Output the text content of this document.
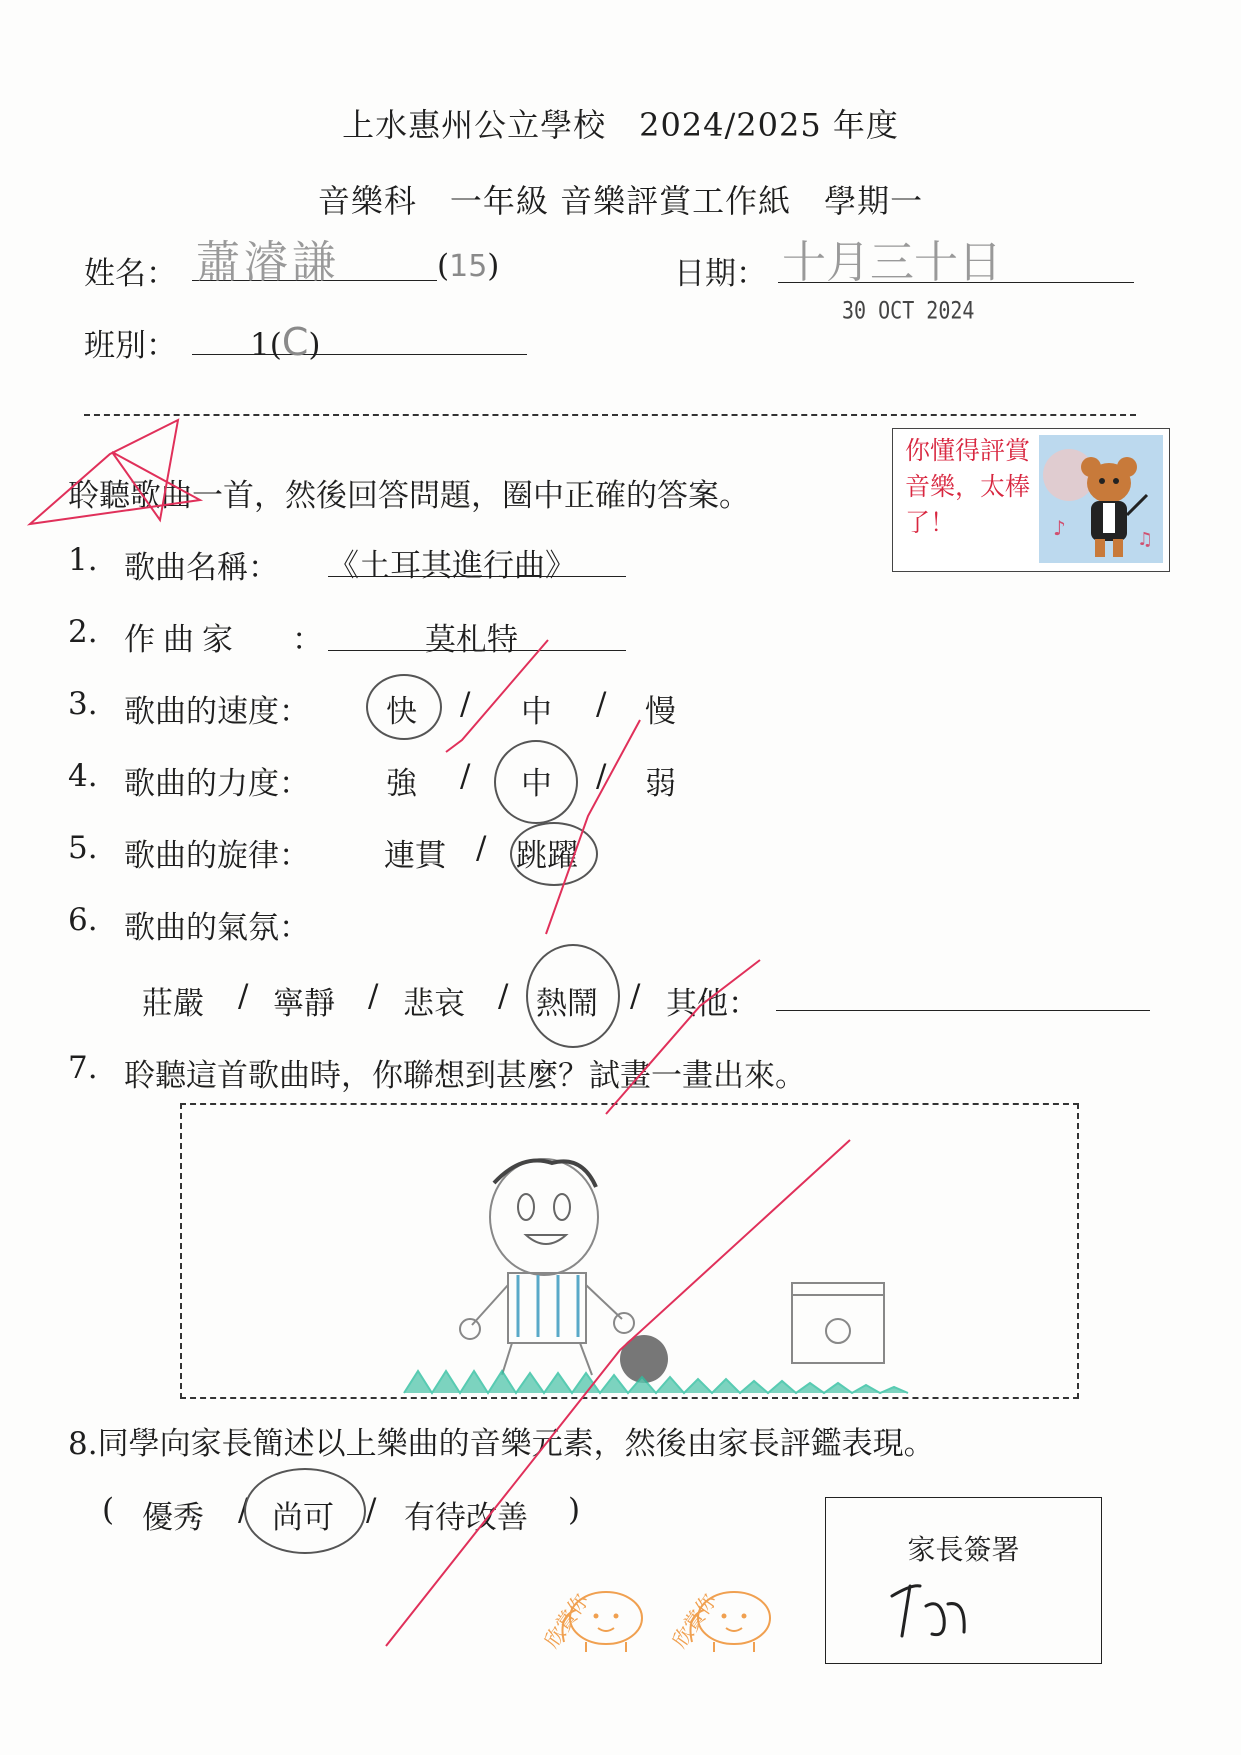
上水惠州公立學校　2024/2025 年度
音樂科　一年級 音樂評賞工作紙　學期一
姓名： 蕭濬謙	(15)	日期： 十月三十日
30 OCT 2024
班別： 1(C)
你懂得評賞音樂，太棒了！	♪	♫
聆聽歌曲一首，然後回答問題，圈中正確的答案。
1. 歌曲名稱： 《土耳其進行曲》
2. 作曲家 ：	莫札特
3. 歌曲的速度： 快 / 中 / 慢
4. 歌曲的力度： 強 / 中 / 弱
5. 歌曲的旋律： 連貫 / 跳躍
6. 歌曲的氣氛：
莊嚴 / 寧靜 / 悲哀 / 熱鬧 / 其他：
7. 聆聽這首歌曲時，你聯想到甚麼？試畫一畫出來。
8.同學向家長簡述以上樂曲的音樂元素，然後由家長評鑑表現。
( 優秀 / 尚可 / 有待改善 )
家長簽署
欣賞你	欣賞你
